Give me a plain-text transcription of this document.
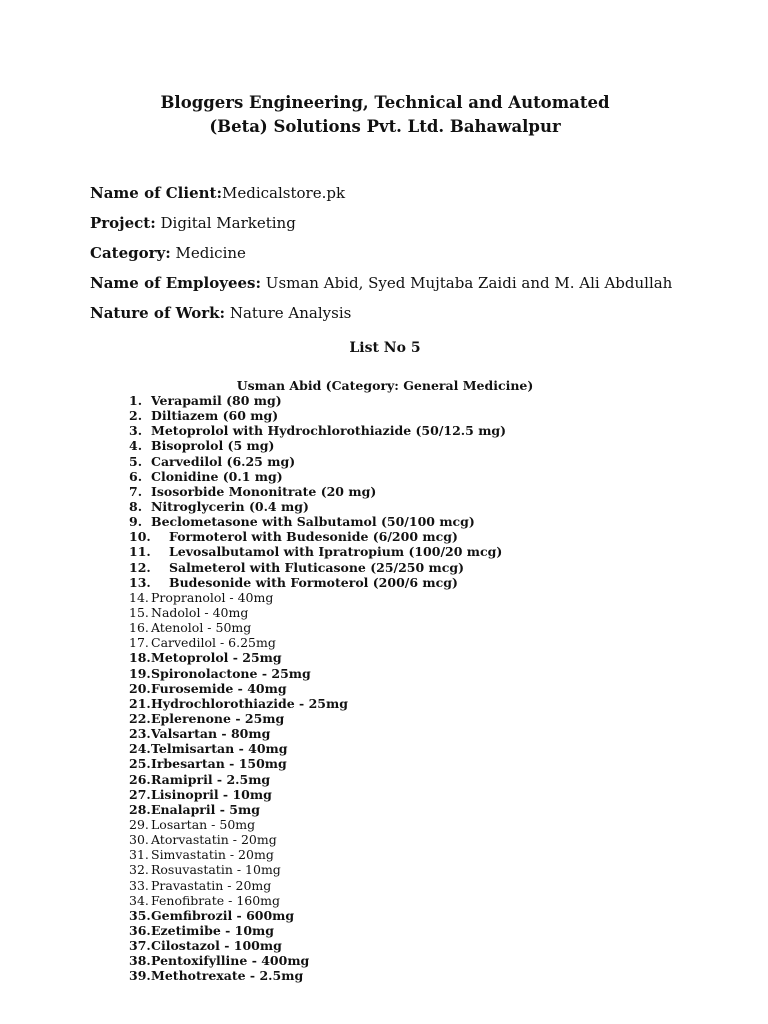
Bloggers Engineering, Technical and Automated
(Beta) Solutions Pvt. Ltd. Bahawalpur

Name of Client:Medicalstore.pk

Project: Digital Marketing

Category: Medicine

Name of Employees: Usman Abid, Syed Mujtaba Zaidi and M. Ali Abdullah

Nature of Work: Nature Analysis

List No 5
Usman Abid (Category: General Medicine)
1. Verapamil (80 mg)
2. Diltiazem (60 mg)
3. Metoprolol with Hydrochlorothiazide (50/12.5 mg)
4. Bisoprolol (5 mg)
5. Carvedilol (6.25 mg)
6. Clonidine (0.1 mg)
7. Isosorbide Mononitrate (20 mg)
8. Nitroglycerin (0.4 mg)
9. Beclometasone with Salbutamol (50/100 mcg)
10.	Formoterol with Budesonide (6/200 mcg)
11.	Levosalbutamol with Ipratropium (100/20 mcg)
12.	Salmeterol with Fluticasone (25/250 mcg)
13.	Budesonide with Formoterol (200/6 mcg)
14. Propranolol - 40mg
15. Nadolol - 40mg
16. Atenolol - 50mg
17. Carvedilol - 6.25mg
18. Metoprolol - 25mg
19. Spironolactone - 25mg
20. Furosemide - 40mg
21. Hydrochlorothiazide - 25mg
22. Eplerenone - 25mg
23. Valsartan - 80mg
24. Telmisartan - 40mg
25. Irbesartan - 150mg
26. Ramipril - 2.5mg
27. Lisinopril - 10mg
28. Enalapril - 5mg
29. Losartan - 50mg
30. Atorvastatin - 20mg
31. Simvastatin - 20mg
32. Rosuvastatin - 10mg
33. Pravastatin - 20mg
34. Fenofibrate - 160mg
35. Gemfibrozil - 600mg
36. Ezetimibe - 10mg
37. Cilostazol - 100mg
38. Pentoxifylline - 400mg
39. Methotrexate - 2.5mg
